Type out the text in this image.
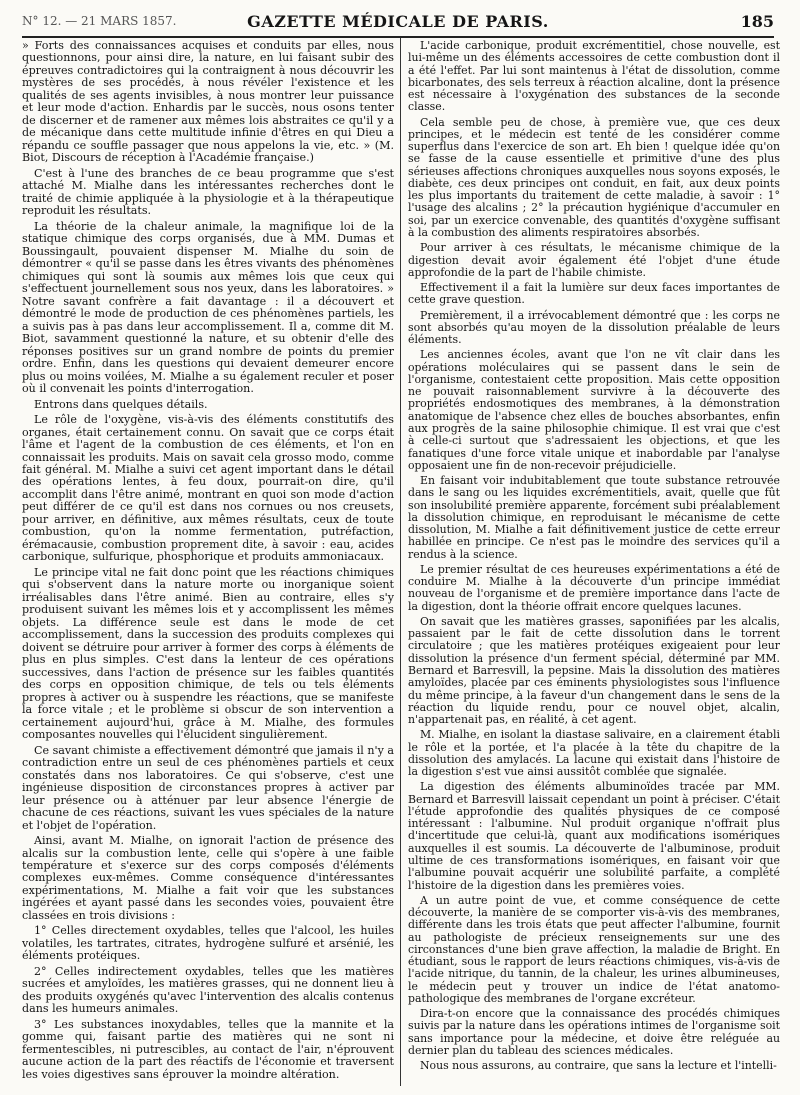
N° 12. — 21 MARS 1857.	GAZETTE MÉDICALE DE PARIS.	185

» Forts des connaissances acquises et conduits par elles, nous questionnons, pour ainsi dire, la nature, en lui faisant subir des épreuves contradictoires qui la contraignent à nous découvrir les mystères de ses procédés, à nous révéler l'existence et les qualités de ses agents invisibles, à nous montrer leur puissance et leur mode d'action. Enhardis par le succès, nous osons tenter de discerner et de ramener aux mêmes lois abstraites ce qu'il y a de mécanique dans cette multitude infinie d'êtres en qui Dieu a répandu ce souffle passager que nous appelons la vie, etc. » (M. Biot, Discours de réception à l'Académie française.)

C'est à l'une des branches de ce beau programme que s'est attaché M. Mialhe dans les intéressantes recherches dont le traité de chimie appliquée à la physiologie et à la thérapeutique reproduit les résultats.

La théorie de la chaleur animale, la magnifique loi de la statique chimique des corps organisés, due à MM. Dumas et Boussingault, pouvaient dispenser M. Mialhe du soin de démontrer « qu'il se passe dans les êtres vivants des phénomènes chimiques qui sont là soumis aux mêmes lois que ceux qui s'effectuent journellement sous nos yeux, dans les laboratoires. » Notre savant confrère a fait davantage : il a découvert et démontré le mode de production de ces phénomènes partiels, les a suivis pas à pas dans leur accomplissement. Il a, comme dit M. Biot, savamment questionné la nature, et su obtenir d'elle des réponses positives sur un grand nombre de points du premier ordre. Enfin, dans les questions qui devaient demeurer encore plus ou moins voilées, M. Mialhe a su également reculer et poser où il convenait les points d'interrogation.

Entrons dans quelques détails.

Le rôle de l'oxygène, vis-à-vis des éléments constitutifs des organes, était certainement connu. On savait que ce corps était l'âme et l'agent de la combustion de ces éléments, et l'on en connaissait les produits. Mais on savait cela grosso modo, comme fait général. M. Mialhe a suivi cet agent important dans le détail des opérations lentes, à feu doux, pourrait-on dire, qu'il accomplit dans l'être animé, montrant en quoi son mode d'action peut différer de ce qu'il est dans nos cornues ou nos creusets, pour arriver, en définitive, aux mêmes résultats, ceux de toute combustion, qu'on la nomme fermentation, putréfaction, érémacausie, combustion proprement dite, à savoir : eau, acides carbonique, sulfurique, phosphorique et produits ammoniacaux.

Le principe vital ne fait donc point que les réactions chimiques qui s'observent dans la nature morte ou inorganique soient irréalisables dans l'être animé. Bien au contraire, elles s'y produisent suivant les mêmes lois et y accomplissent les mêmes objets. La différence seule est dans le mode de cet accomplissement, dans la succession des produits complexes qui doivent se détruire pour arriver à former des corps à éléments de plus en plus simples. C'est dans la lenteur de ces opérations successives, dans l'action de présence sur les faibles quantités des corps en opposition chimique, de tels ou tels éléments propres à activer ou à suspendre les réactions, que se manifeste la force vitale ; et le problème si obscur de son intervention a certainement aujourd'hui, grâce à M. Mialhe, des formules composantes nouvelles qui l'élucident singulièrement.

Ce savant chimiste a effectivement démontré que jamais il n'y a contradiction entre un seul de ces phénomènes partiels et ceux constatés dans nos laboratoires. Ce qui s'observe, c'est une ingénieuse disposition de circonstances propres à activer par leur présence ou à atténuer par leur absence l'énergie de chacune de ces réactions, suivant les vues spéciales de la nature et l'objet de l'opération.

Ainsi, avant M. Mialhe, on ignorait l'action de présence des alcalis sur la combustion lente, celle qui s'opère à une faible température et s'exerce sur des corps composés d'éléments complexes eux-mêmes. Comme conséquence d'intéressantes expérimentations, M. Mialhe a fait voir que les substances ingérées et ayant passé dans les secondes voies, pouvaient être classées en trois divisions :

1° Celles directement oxydables, telles que l'alcool, les huiles volatiles, les tartrates, citrates, hydrogène sulfuré et arsénié, les éléments protéiques.

2° Celles indirectement oxydables, telles que les matières sucrées et amyloïdes, les matières grasses, qui ne donnent lieu à des produits oxygénés qu'avec l'intervention des alcalis contenus dans les humeurs animales.

3° Les substances inoxydables, telles que la mannite et la gomme qui, faisant partie des matières qui ne sont ni fermentescibles, ni putrescibles, au contact de l'air, n'éprouvent aucune action de la part des réactifs de l'économie et traversent les voies digestives sans éprouver la moindre altération.

L'acide carbonique, produit excrémentitiel, chose nouvelle, est lui-même un des éléments accessoires de cette combustion dont il a été l'effet. Par lui sont maintenus à l'état de dissolution, comme bicarbonates, des sels terreux à réaction alcaline, dont la présence est nécessaire à l'oxygénation des substances de la seconde classe.

Cela semble peu de chose, à première vue, que ces deux principes, et le médecin est tenté de les considérer comme superflus dans l'exercice de son art. Eh bien ! quelque idée qu'on se fasse de la cause essentielle et primitive d'une des plus sérieuses affections chroniques auxquelles nous soyons exposés, le diabète, ces deux principes ont conduit, en fait, aux deux points les plus importants du traitement de cette maladie, à savoir : 1° l'usage des alcalins ; 2° la précaution hygiénique d'accumuler en soi, par un exercice convenable, des quantités d'oxygène suffisant à la combustion des aliments respiratoires absorbés.

Pour arriver à ces résultats, le mécanisme chimique de la digestion devait avoir également été l'objet d'une étude approfondie de la part de l'habile chimiste.

Effectivement il a fait la lumière sur deux faces importantes de cette grave question.

Premièrement, il a irrévocablement démontré que : les corps ne sont absorbés qu'au moyen de la dissolution préalable de leurs éléments.

Les anciennes écoles, avant que l'on ne vît clair dans les opérations moléculaires qui se passent dans le sein de l'organisme, contestaient cette proposition. Mais cette opposition ne pouvait raisonnablement survivre à la découverte des propriétés endosmotiques des membranes, à la démonstration anatomique de l'absence chez elles de bouches absorbantes, enfin aux progrès de la saine philosophie chimique. Il est vrai que c'est à celle-ci surtout que s'adressaient les objections, et que les fanatiques d'une force vitale unique et inabordable par l'analyse opposaient une fin de non-recevoir préjudicielle.

En faisant voir indubitablement que toute substance retrouvée dans le sang ou les liquides excrémentitiels, avait, quelle que fût son insolubilité première apparente, forcément subi préalablement la dissolution chimique, en reproduisant le mécanisme de cette dissolution, M. Mialhe a fait définitivement justice de cette erreur habillée en principe. Ce n'est pas le moindre des services qu'il a rendus à la science.

Le premier résultat de ces heureuses expérimentations a été de conduire M. Mialhe à la découverte d'un principe immédiat nouveau de l'organisme et de première importance dans l'acte de la digestion, dont la théorie offrait encore quelques lacunes.

On savait que les matières grasses, saponifiées par les alcalis, passaient par le fait de cette dissolution dans le torrent circulatoire ; que les matières protéiques exigeaient pour leur dissolution la présence d'un ferment spécial, déterminé par MM. Bernard et Barresvill, la pepsine. Mais la dissolution des matières amyloïdes, placée par ces éminents physiologistes sous l'influence du même principe, à la faveur d'un changement dans le sens de la réaction du liquide rendu, pour ce nouvel objet, alcalin, n'appartenait pas, en réalité, à cet agent.

M. Mialhe, en isolant la diastase salivaire, en a clairement établi le rôle et la portée, et l'a placée à la tête du chapitre de la dissolution des amylacés. La lacune qui existait dans l'histoire de la digestion s'est vue ainsi aussitôt comblée que signalée.

La digestion des éléments albuminoïdes tracée par MM. Bernard et Barresvill laissait cependant un point à préciser. C'était l'étude approfondie des qualités physiques de ce composé intéressant : l'albumine. Nul produit organique n'offrait plus d'incertitude que celui-là, quant aux modifications isomériques auxquelles il est soumis. La découverte de l'albuminose, produit ultime de ces transformations isomériques, en faisant voir que l'albumine pouvait acquérir une solubilité parfaite, a complété l'histoire de la digestion dans les premières voies.

A un autre point de vue, et comme conséquence de cette découverte, la manière de se comporter vis-à-vis des membranes, différente dans les trois états que peut affecter l'albumine, fournit au pathologiste de précieux renseignements sur une des circonstances d'une bien grave affection, la maladie de Bright. En étudiant, sous le rapport de leurs réactions chimiques, vis-à-vis de l'acide nitrique, du tannin, de la chaleur, les urines albumineuses, le médecin peut y trouver un indice de l'état anatomo-pathologique des membranes de l'organe excréteur.

Dira-t-on encore que la connaissance des procédés chimiques suivis par la nature dans les opérations intimes de l'organisme soit sans importance pour la médecine, et doive être reléguée au dernier plan du tableau des sciences médicales.

Nous nous assurons, au contraire, que sans la lecture et l'intelli-
